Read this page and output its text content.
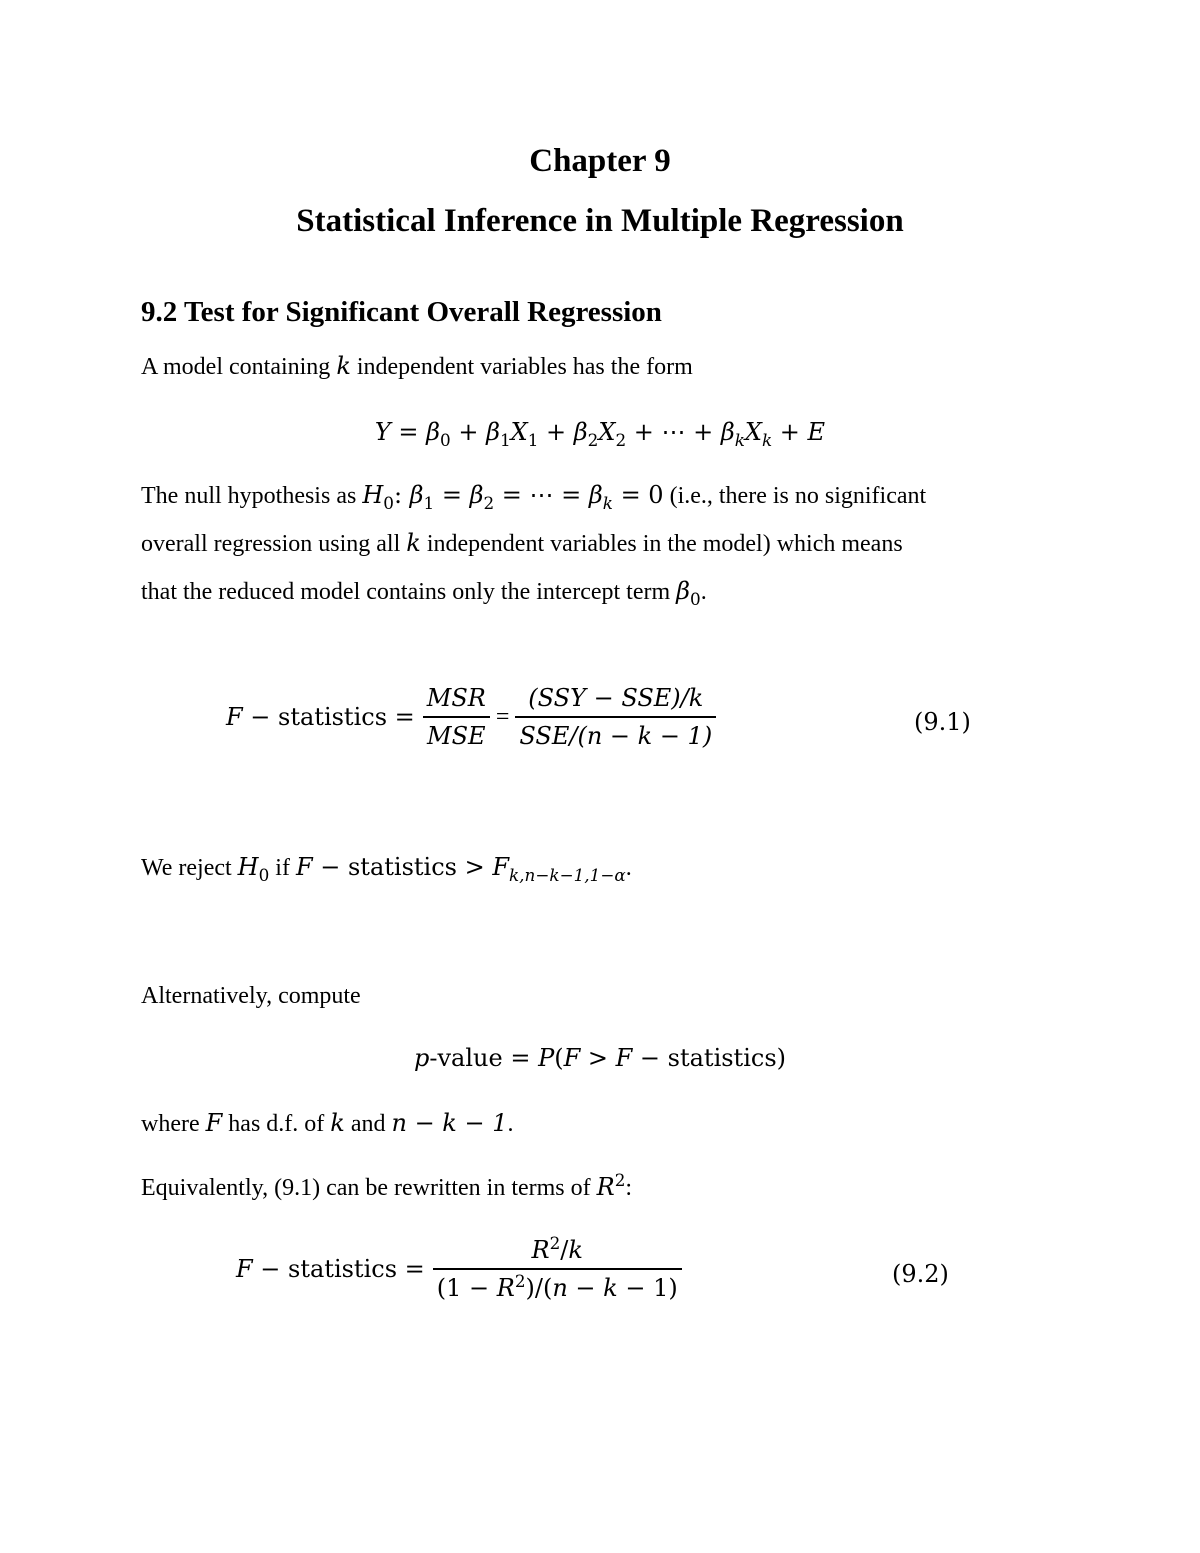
Chapter 9
Statistical Inference in Multiple Regression
9.2 Test for Significant Overall Regression
A model containing k independent variables has the form
$Y = \beta_0 + \beta_1X_1 + \beta_2X_2$ + ⋯ + $\beta_kX_k + E$
The null hypothesis as $H_0$: $\beta_1 = \beta_2$ = ⋯ = $\beta_k = 0$ (i.e., there is no significant
overall regression using all k independent variables in the model) which means
that the reduced model contains only the intercept term $\beta_0$.
F − statistics = $\frac{\text{MSR}}{\text{MSE}} = \frac{\text{(SSY − SSE)/k}}{\text{SSE/(n − k − 1)}}$	(9.1)
We reject $H_0$ if F − statistics > $F_{k,n-k-1,1-\alpha}$.
Alternatively, compute
p-value = P(F > F − statistics)
where F has d.f. of k and n − k − 1.
Equivalently, (9.1) can be rewritten in terms of $R^2$:
F − statistics = $\frac{R^2/k}{(1 - R^2)/(n - k - 1)}$	(9.2)
